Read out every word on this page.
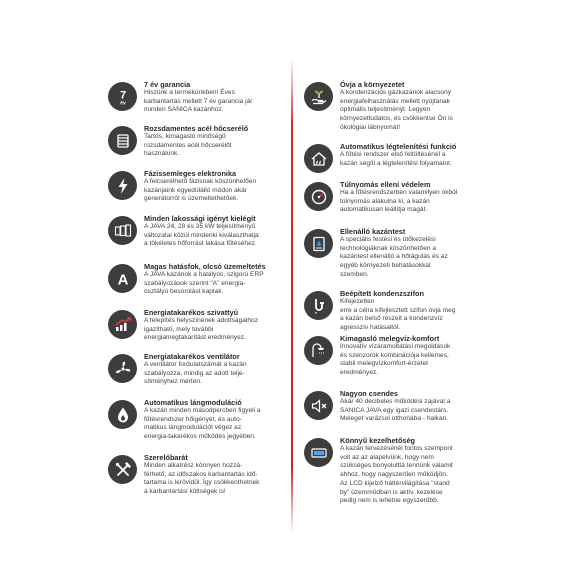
7
év
7 év garancia
Hiszünk a termékünkben! Éves
karbantartás mellett 7 év garancia jár
minden SANICA kazánhoz.
Rozsdamentes acél hőcserélő
Tartós, kimagasló minőségű
rozsdamentes acél hőcserélőt
használunk.
Fázissemleges elektronika
A felcserélhető fázisnak köszönhetően
kazánjaink egyedülálló módon akár
generátorról is üzemeltethetőek.
Minden lakossági igényt kielégít
A JAVA 24, 28 és 35 kW teljesítményű
változatai közül mindenki kiválaszthatja
a tökéletes hőforrást lakása fűtéséhez.
A
Magas hatásfok, olcsó üzemeltetés
A JAVA kazánok a hatályos, szigorú ERP
szabályozások szerint "A" energia-
osztályú besorolást kaptak.
Energiatakarékos szivattyú
A telepítés helyszínének adottságaihoz
igazítható, mely további
energiamegtakarítást eredményez.
Energiatakarékos ventilátor
A ventilátor fordulatszámát a kazán
szabályozza, mindig az adott telje-
sítményhez mérten.
Automatikus lángmoduláció
A kazán minden másodpercben figyeli a
fűtésrendszer hőigényét, és auto-
matikus lángmodulációt végez az
energia-takarékos működés jegyében.
Szerelőbarát
Minden alkatrész könnyen hozzá-
férhető, az időszakos karbantartás idő-
tartama is lerövidül. Így csökkenthetnek
a karbantartási költségek is!
Óvja a környezetet
A kondenzációs gázkazánok alacsony
energiafelhasználás mellett nyújtanak
optimális teljesítményt. Legyen
környezettudatos, és csökkentse Ön is
ökológiai lábnyomát!
Automatikus légtelenítési funkció
A fűtési rendszer első feltöltésénél a
kazán segíti a légtelenítési folyamatot.
Túlnyomás elleni védelem
Ha a fűtésrendszerben valamilyen okból
túlnyomás alakulna ki, a kazán
automatikusan leállítja magát.
Ellenálló kazántest
A speciális festési és ütőkezelési
technológiáknak köszönhetően a
kazántest ellenálló a hőtágulás és az
egyéb környezeti behatásokkal
szemben.
Beépített kondenzszifon
Kifejezetten
erre a célra kifejlesztett szifon óvja meg
a kazán belső részeit a kondenzvíz
agresszív hatásaitól.
Kimagasló melegvíz-komfort
Innovatív vízáramoltatási megoldások
és szenzorok kombinációja kellemes,
stabil melegvízkomfort-érzetet
eredményez.
Nagyon csendes
Akár 40 decibeles működési zajával a
SANICA JAVA egy igazi csendestárs.
Meleget varázsol otthonába - halkan.
Könnyű kezelhetőség
A kazán tervezésénél fontos szempont
volt az az alapelvünk, hogy nem
szükséges bonyolulttá tennünk valamit
ahhoz, hogy nagyszerűen működjön.
Az LCD kijelző háttérvilágítása "stand
by" üzemmódban is aktív, kezelése
pedig nem is lehetne egyszerűbb.
